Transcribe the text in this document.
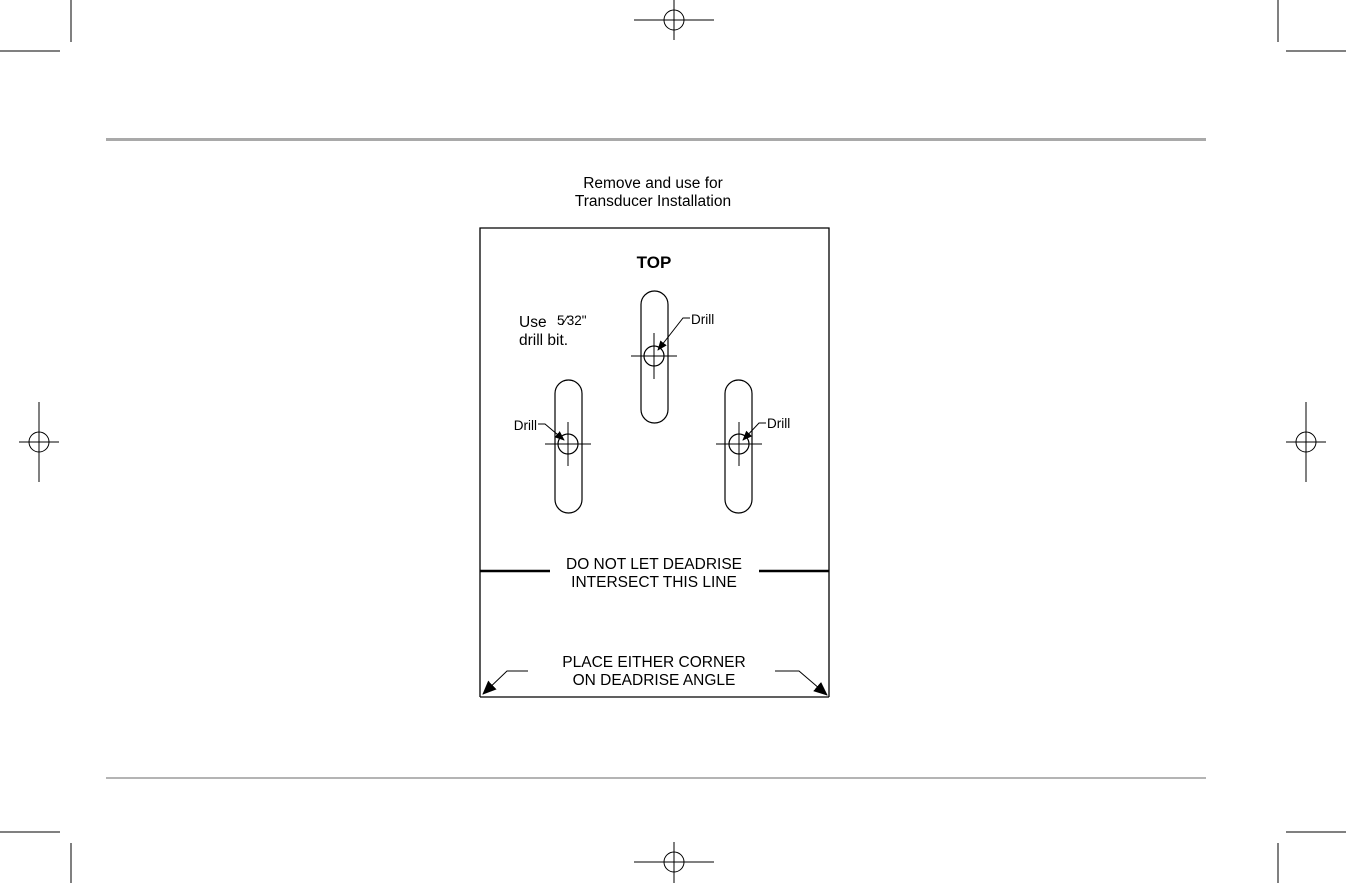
Remove and use for
Transducer Installation
TOP
Use 5⁄32"
drill bit.
Drill
Drill	Drill
DO NOT LET DEADRISE
INTERSECT THIS LINE
PLACE EITHER CORNER
ON DEADRISE ANGLE
